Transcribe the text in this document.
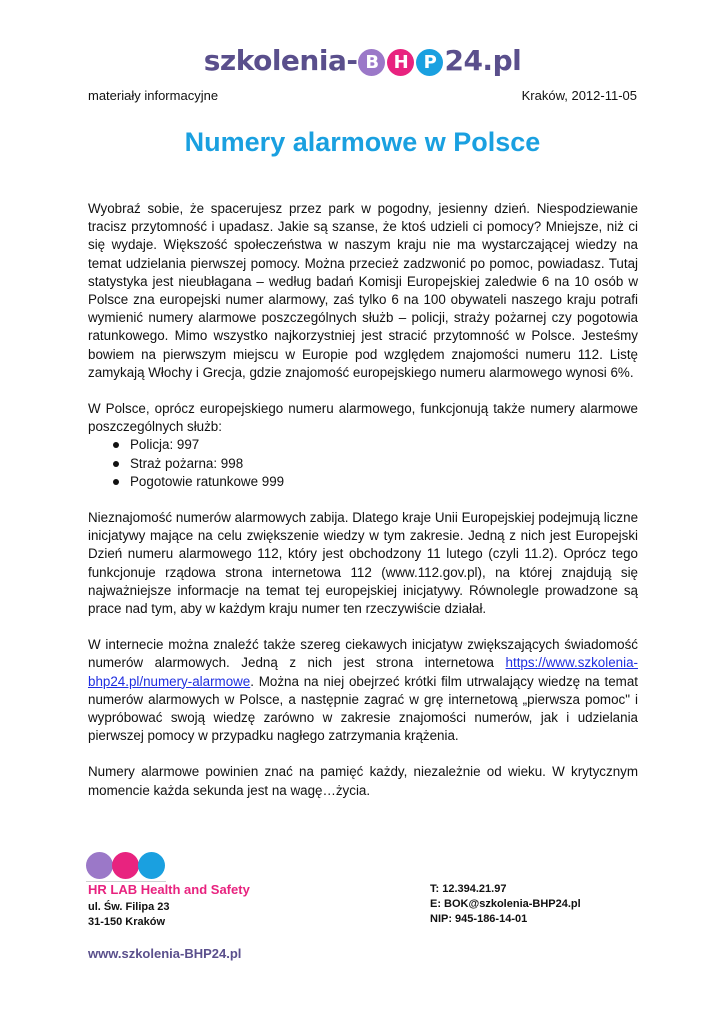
szkolenia- B H P 24.pl
materiały informacyjne	Kraków, 2012-11-05
Numery alarmowe w Polsce

Wyobraź sobie, że spacerujesz przez park w pogodny, jesienny dzień. Niespodziewanie tracisz przytomność i upadasz. Jakie są szanse, że ktoś udzieli ci pomocy? Mniejsze, niż ci się wydaje. Większość społeczeństwa w naszym kraju nie ma wystarczającej wiedzy na temat udzielania pierwszej pomocy. Można przecież zadzwonić po pomoc, powiadasz. Tutaj statystyka jest nieubłagana – według badań Komisji Europejskiej zaledwie 6 na 10 osób w Polsce zna europejski numer alarmowy, zaś tylko 6 na 100 obywateli naszego kraju potrafi wymienić numery alarmowe poszczególnych służb – policji, straży pożarnej czy pogotowia ratunkowego. Mimo wszystko najkorzystniej jest stracić przytomność w Polsce. Jesteśmy bowiem na pierwszym miejscu w Europie pod względem znajomości numeru 112. Listę zamykają Włochy i Grecja, gdzie znajomość europejskiego numeru alarmowego wynosi 6%.

W Polsce, oprócz europejskiego numeru alarmowego, funkcjonują także numery alarmowe poszczególnych służb:

Policja: 997
Straż pożarna: 998
Pogotowie ratunkowe 999

Nieznajomość numerów alarmowych zabija. Dlatego kraje Unii Europejskiej podejmują liczne inicjatywy mające na celu zwiększenie wiedzy w tym zakresie. Jedną z nich jest Europejski Dzień numeru alarmowego 112, który jest obchodzony 11 lutego (czyli 11.2). Oprócz tego funkcjonuje rządowa strona internetowa 112 (www.112.gov.pl), na której znajdują się najważniejsze informacje na temat tej europejskiej inicjatywy. Równolegle prowadzone są prace nad tym, aby w każdym kraju numer ten rzeczywiście działał.

W internecie można znaleźć także szereg ciekawych inicjatyw zwiększających świadomość numerów alarmowych. Jedną z nich jest strona internetowa https://www.szkolenia-bhp24.pl/numery-alarmowe. Można na niej obejrzeć krótki film utrwalający wiedzę na temat numerów alarmowych w Polsce, a następnie zagrać w grę internetową „pierwsza pomoc" i wypróbować swoją wiedzę zarówno w zakresie znajomości numerów, jak i udzielania pierwszej pomocy w przypadku nagłego zatrzymania krążenia.

Numery alarmowe powinien znać na pamięć każdy, niezależnie od wieku. W krytycznym momencie każda sekunda jest na wagę…życia.

HR LAB Health and Safety
ul. Św. Filipa 23
31-150 Kraków
T: 12.394.21.97
E: BOK@szkolenia-BHP24.pl
NIP: 945-186-14-01
www.szkolenia-BHP24.pl
